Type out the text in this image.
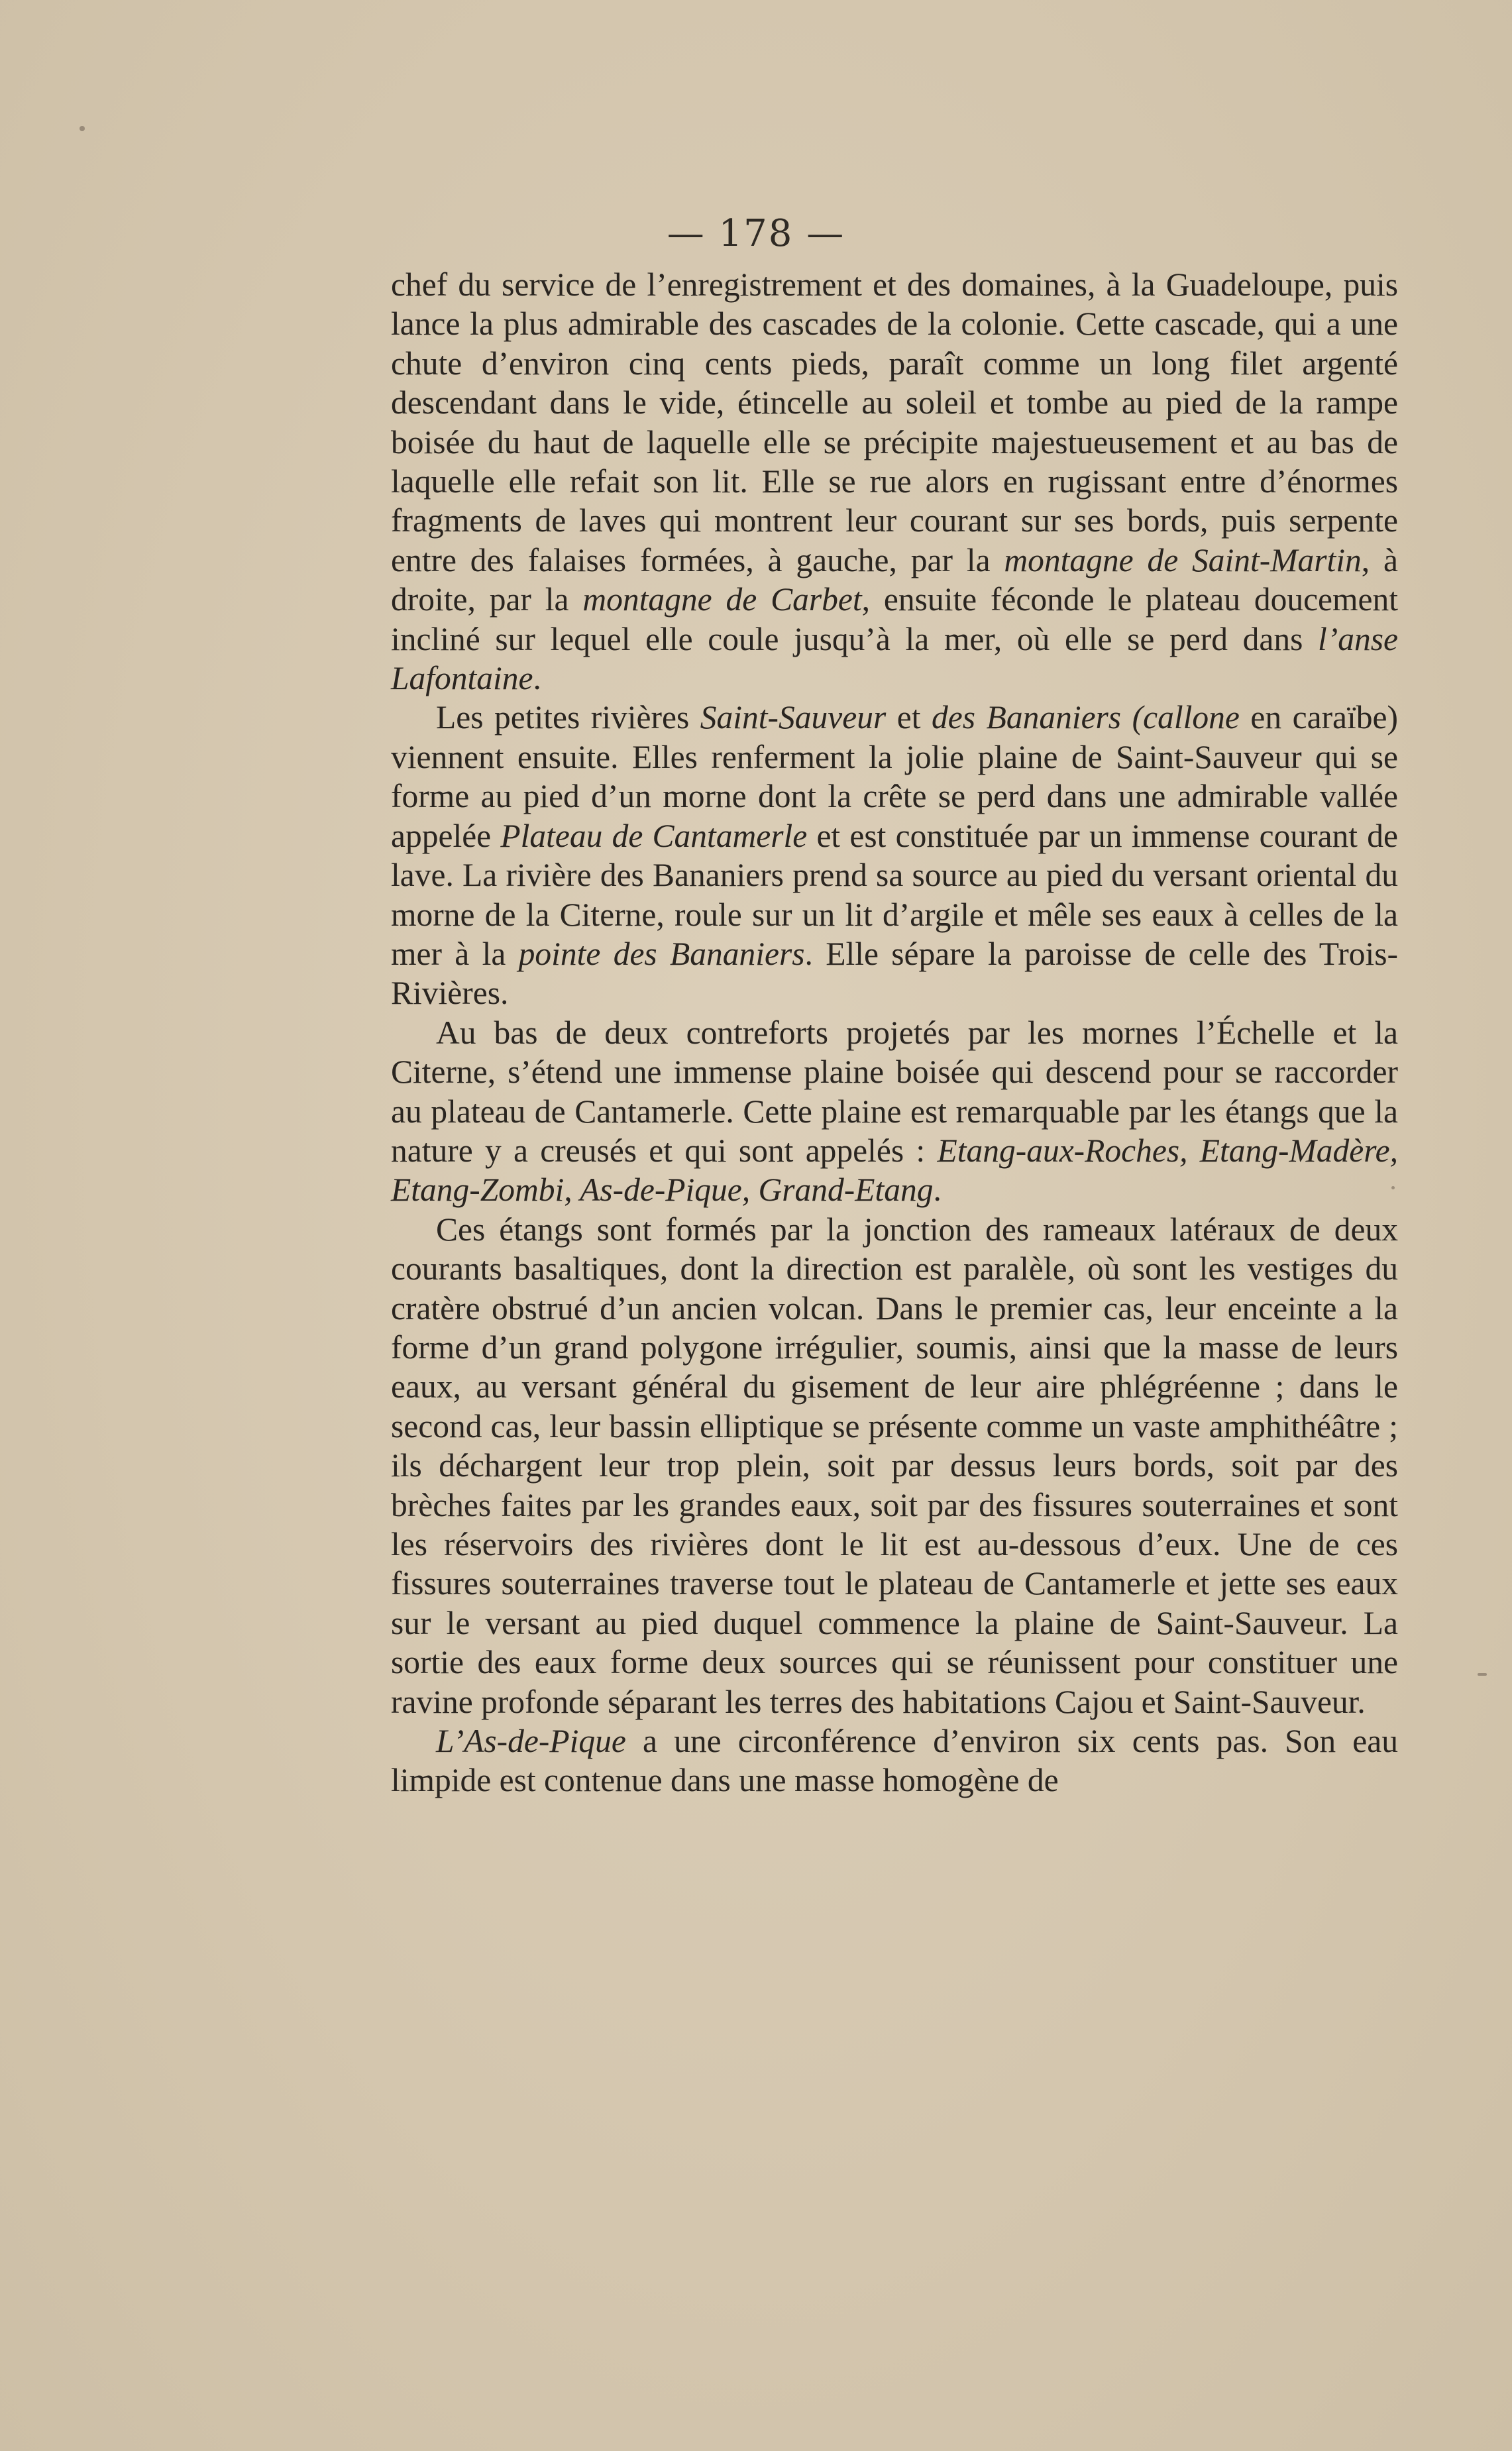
— 178 —

chef du service de l’enregistrement et des domaines, à la Guadeloupe, puis lance la plus admirable des cascades de la colonie. Cette cascade, qui a une chute d’environ cinq cents pieds, paraît comme un long filet argenté descendant dans le vide, étincelle au soleil et tombe au pied de la rampe boisée du haut de laquelle elle se précipite majestueusement et au bas de laquelle elle refait son lit. Elle se rue alors en rugissant entre d’énormes fragments de laves qui montrent leur courant sur ses bords, puis serpente entre des falaises formées, à gauche, par la montagne de Saint-Martin, à droite, par la montagne de Carbet, ensuite féconde le plateau doucement incliné sur lequel elle coule jusqu’à la mer, où elle se perd dans l’anse Lafontaine.

Les petites rivières Saint-Sauveur et des Bananiers (callone en caraïbe) viennent ensuite. Elles renferment la jolie plaine de Saint-Sauveur qui se forme au pied d’un morne dont la crête se perd dans une admirable vallée appelée Plateau de Cantamerle et est constituée par un immense courant de lave. La rivière des Bananiers prend sa source au pied du versant oriental du morne de la Citerne, roule sur un lit d’argile et mêle ses eaux à celles de la mer à la pointe des Bananiers. Elle sépare la paroisse de celle des Trois-Rivières.

Au bas de deux contreforts projetés par les mornes l’Échelle et la Citerne, s’étend une immense plaine boisée qui descend pour se raccorder au plateau de Cantamerle. Cette plaine est remarquable par les étangs que la nature y a creusés et qui sont appelés : Etang-aux-Roches, Etang-Madère, Etang-Zombi, As-de-Pique, Grand-Etang.

Ces étangs sont formés par la jonction des rameaux latéraux de deux courants basaltiques, dont la direction est paralèle, où sont les vestiges du cratère obstrué d’un ancien volcan. Dans le premier cas, leur enceinte a la forme d’un grand polygone irrégulier, soumis, ainsi que la masse de leurs eaux, au versant général du gisement de leur aire phlégréenne ; dans le second cas, leur bassin elliptique se présente comme un vaste amphithéâtre ; ils déchargent leur trop plein, soit par dessus leurs bords, soit par des brèches faites par les grandes eaux, soit par des fissures souterraines et sont les réservoirs des rivières dont le lit est au-dessous d’eux. Une de ces fissures souterraines traverse tout le plateau de Cantamerle et jette ses eaux sur le versant au pied duquel commence la plaine de Saint-Sauveur. La sortie des eaux forme deux sources qui se réunissent pour constituer une ravine profonde séparant les terres des habitations Cajou et Saint-Sauveur.

L’As-de-Pique a une circonférence d’environ six cents pas. Son eau limpide est contenue dans une masse homogène de
